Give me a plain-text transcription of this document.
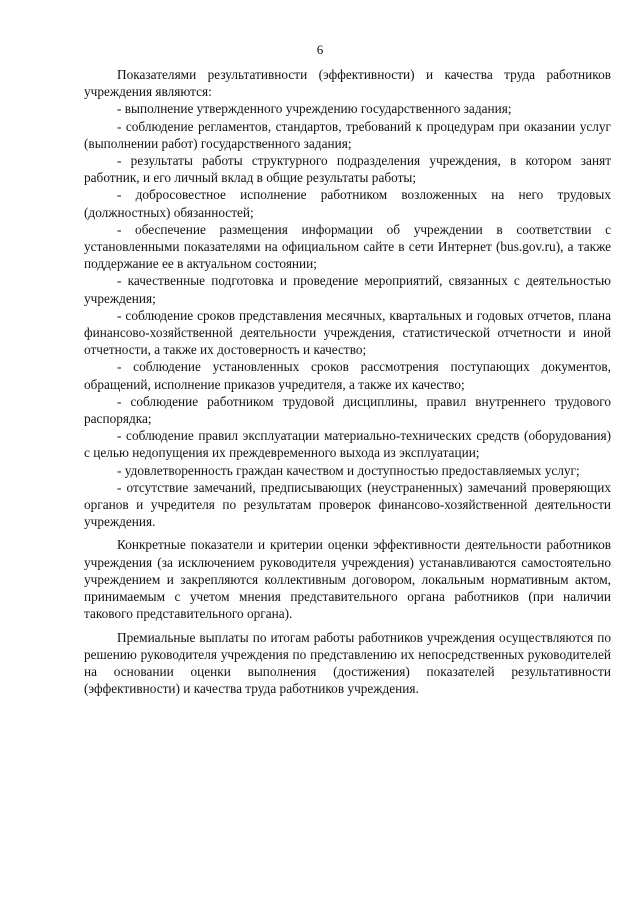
6

Показателями результативности (эффективности) и качества труда работников учреждения являются:

- выполнение утвержденного учреждению государственного задания;

- соблюдение регламентов, стандартов, требований к процедурам при оказании услуг (выполнении работ) государственного задания;

- результаты работы структурного подразделения учреждения, в котором занят работник, и его личный вклад в общие результаты работы;

- добросовестное исполнение работником возложенных на него трудовых (должностных) обязанностей;

- обеспечение размещения информации об учреждении в соответствии с установленными показателями на официальном сайте в сети Интернет (bus.gov.ru), а также поддержание ее в актуальном состоянии;

- качественные подготовка и проведение мероприятий, связанных с деятельностью учреждения;

- соблюдение сроков представления месячных, квартальных и годовых отчетов, плана финансово-хозяйственной деятельности учреждения, статистической отчетности и иной отчетности, а также их достоверность и качество;

- соблюдение установленных сроков рассмотрения поступающих документов, обращений, исполнение приказов учредителя, а также их качество;

- соблюдение работником трудовой дисциплины, правил внутреннего трудового распорядка;

- соблюдение правил эксплуатации материально-технических средств (оборудования) с целью недопущения их преждевременного выхода из эксплуатации;

- удовлетворенность граждан качеством и доступностью предоставляемых услуг;

- отсутствие замечаний, предписывающих (неустраненных) замечаний проверяющих органов и учредителя по результатам проверок финансово-хозяйственной деятельности учреждения.

Конкретные показатели и критерии оценки эффективности деятельности работников учреждения (за исключением руководителя учреждения) устанавливаются самостоятельно учреждением и закрепляются коллективным договором, локальным нормативным актом, принимаемым с учетом мнения представительного органа работников (при наличии такового представительного органа).

Премиальные выплаты по итогам работы работников учреждения осуществляются по решению руководителя учреждения по представлению их непосредственных руководителей на основании оценки выполнения (достижения) показателей результативности (эффективности) и качества труда работников учреждения.
